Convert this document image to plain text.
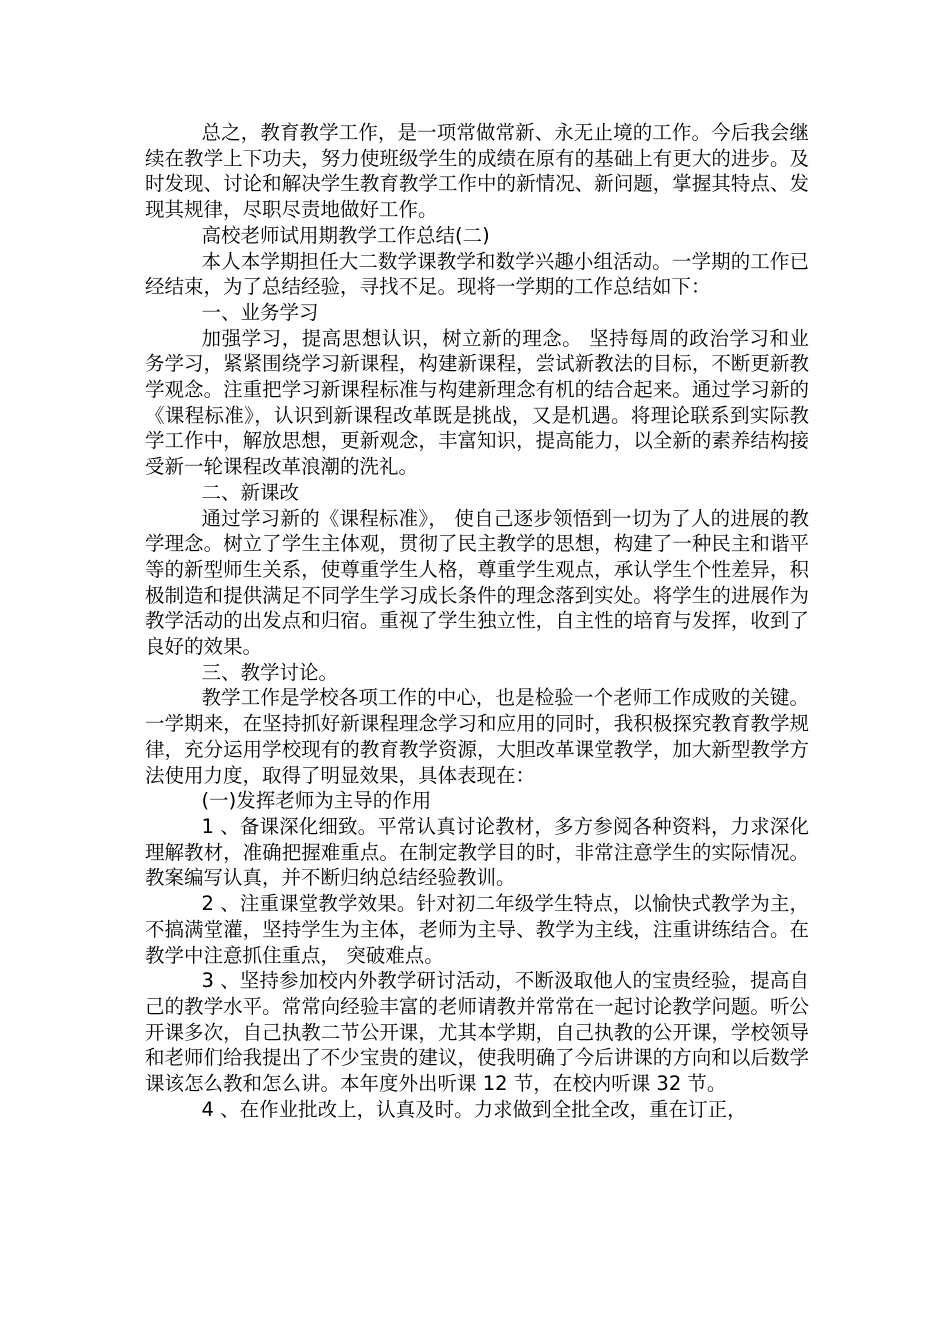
总之，教育教学工作，是一项常做常新、永无止境的工作。今后我会继续在教学上下功夫，努力使班级学生的成绩在原有的基础上有更大的进步。及时发现、讨论和解决学生教育教学工作中的新情况、新问题，掌握其特点、发现其规律，尽职尽责地做好工作。

高校老师试用期教学工作总结(二)

本人本学期担任大二数学课教学和数学兴趣小组活动。一学期的工作已经结束，为了总结经验，寻找不足。现将一学期的工作总结如下：

一、业务学习

加强学习，提高思想认识，树立新的理念。 坚持每周的政治学习和业务学习，紧紧围绕学习新课程，构建新课程，尝试新教法的目标，不断更新教学观念。注重把学习新课程标准与构建新理念有机的结合起来。通过学习新的《课程标准》，认识到新课程改革既是挑战，又是机遇。将理论联系到实际教学工作中，解放思想，更新观念，丰富知识，提高能力，以全新的素养结构接受新一轮课程改革浪潮的洗礼。

二、新课改

通过学习新的《课程标准》， 使自己逐步领悟到一切为了人的进展的教学理念。树立了学生主体观，贯彻了民主教学的思想，构建了一种民主和谐平等的新型师生关系，使尊重学生人格，尊重学生观点，承认学生个性差异，积极制造和提供满足不同学生学习成长条件的理念落到实处。将学生的进展作为教学活动的出发点和归宿。重视了学生独立性，自主性的培育与发挥，收到了良好的效果。

三、教学讨论。

教学工作是学校各项工作的中心，也是检验一个老师工作成败的关键。一学期来，在坚持抓好新课程理念学习和应用的同时，我积极探究教育教学规律，充分运用学校现有的教育教学资源，大胆改革课堂教学，加大新型教学方法使用力度，取得了明显效果，具体表现在：

(一)发挥老师为主导的作用

1 、备课深化细致。平常认真讨论教材，多方参阅各种资料，力求深化理解教材，准确把握难重点。在制定教学目的时，非常注意学生的实际情况。教案编写认真，并不断归纳总结经验教训。

2 、注重课堂教学效果。针对初二年级学生特点，以愉快式教学为主，不搞满堂灌，坚持学生为主体，老师为主导、教学为主线，注重讲练结合。在教学中注意抓住重点， 突破难点。

3 、坚持参加校内外教学研讨活动，不断汲取他人的宝贵经验，提高自己的教学水平。常常向经验丰富的老师请教并常常在一起讨论教学问题。听公开课多次，自己执教二节公开课，尤其本学期，自己执教的公开课，学校领导和老师们给我提出了不少宝贵的建议，使我明确了今后讲课的方向和以后数学课该怎么教和怎么讲。本年度外出听课 12 节，在校内听课 32 节。

4 、在作业批改上，认真及时。力求做到全批全改，重在订正，
